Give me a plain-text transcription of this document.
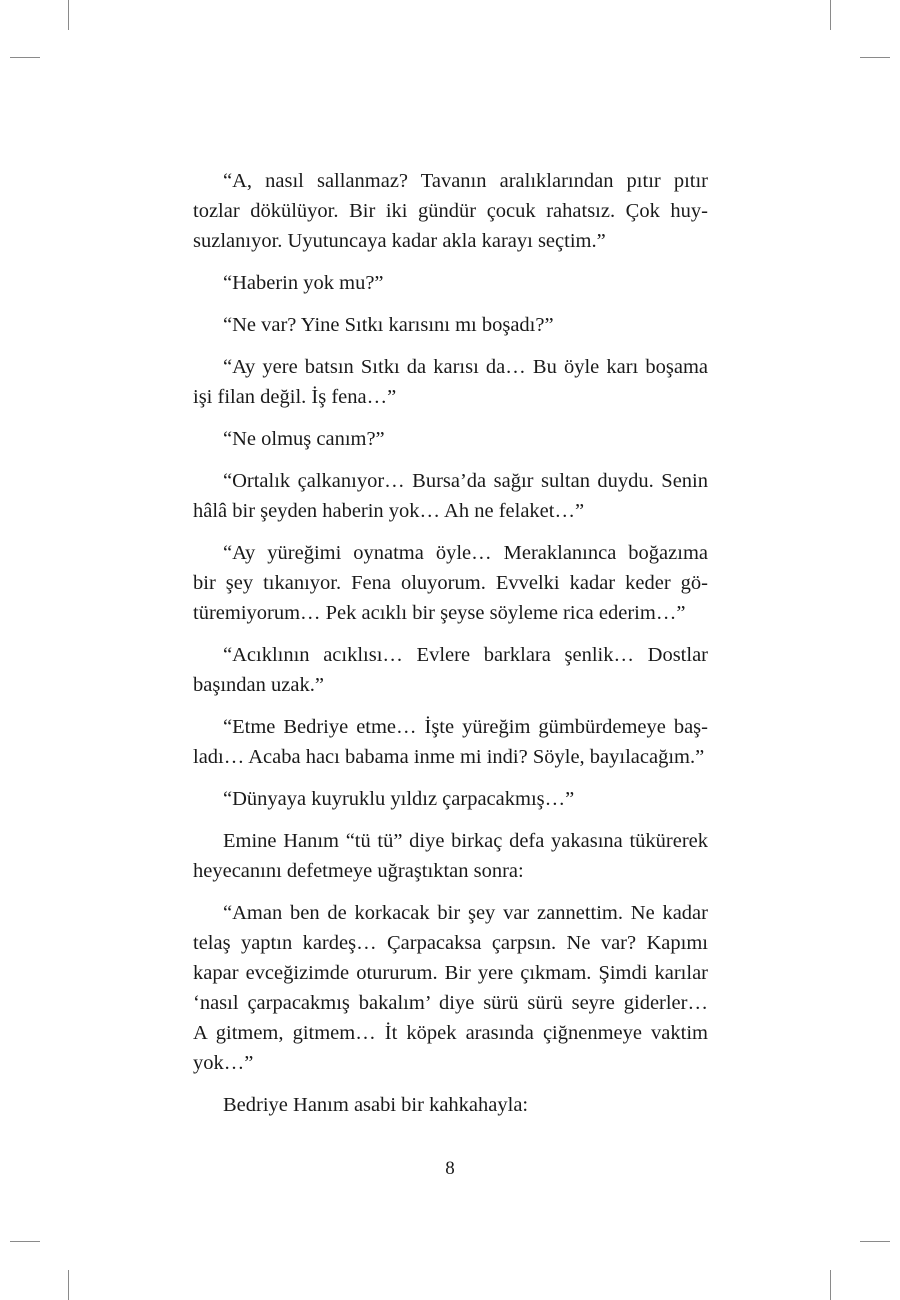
“A, nasıl sallanmaz? Tavanın aralıklarından pıtır pıtır
tozlar dökülüyor. Bir iki gündür çocuk rahatsız. Çok huy-
suzlanıyor. Uyutuncaya kadar akla karayı seçtim.”

“Haberin yok mu?”

“Ne var? Yine Sıtkı karısını mı boşadı?”

“Ay yere batsın Sıtkı da karısı da… Bu öyle karı boşama
işi filan değil. İş fena…”

“Ne olmuş canım?”

“Ortalık çalkanıyor… Bursa’da sağır sultan duydu. Senin
hâlâ bir şeyden haberin yok… Ah ne felaket…”

“Ay yüreğimi oynatma öyle… Meraklanınca boğazıma
bir şey tıkanıyor. Fena oluyorum. Evvelki kadar keder gö-
türemiyorum… Pek acıklı bir şeyse söyleme rica ederim…”

“Acıklının acıklısı… Evlere barklara şenlik… Dostlar
başından uzak.”

“Etme Bedriye etme… İşte yüreğim gümbürdemeye baş-
ladı… Acaba hacı babama inme mi indi? Söyle, bayılacağım.”

“Dünyaya kuyruklu yıldız çarpacakmış…”

Emine Hanım “tü tü” diye birkaç defa yakasına tükürerek
heyecanını defetmeye uğraştıktan sonra:

“Aman ben de korkacak bir şey var zannettim. Ne kadar
telaş yaptın kardeş… Çarpacaksa çarpsın. Ne var? Kapımı
kapar evceğizimde otururum. Bir yere çıkmam. Şimdi karılar
‘nasıl çarpacakmış bakalım’ diye sürü sürü seyre giderler…
A gitmem, gitmem… İt köpek arasında çiğnenmeye vaktim
yok…”

Bedriye Hanım asabi bir kahkahayla:

8
